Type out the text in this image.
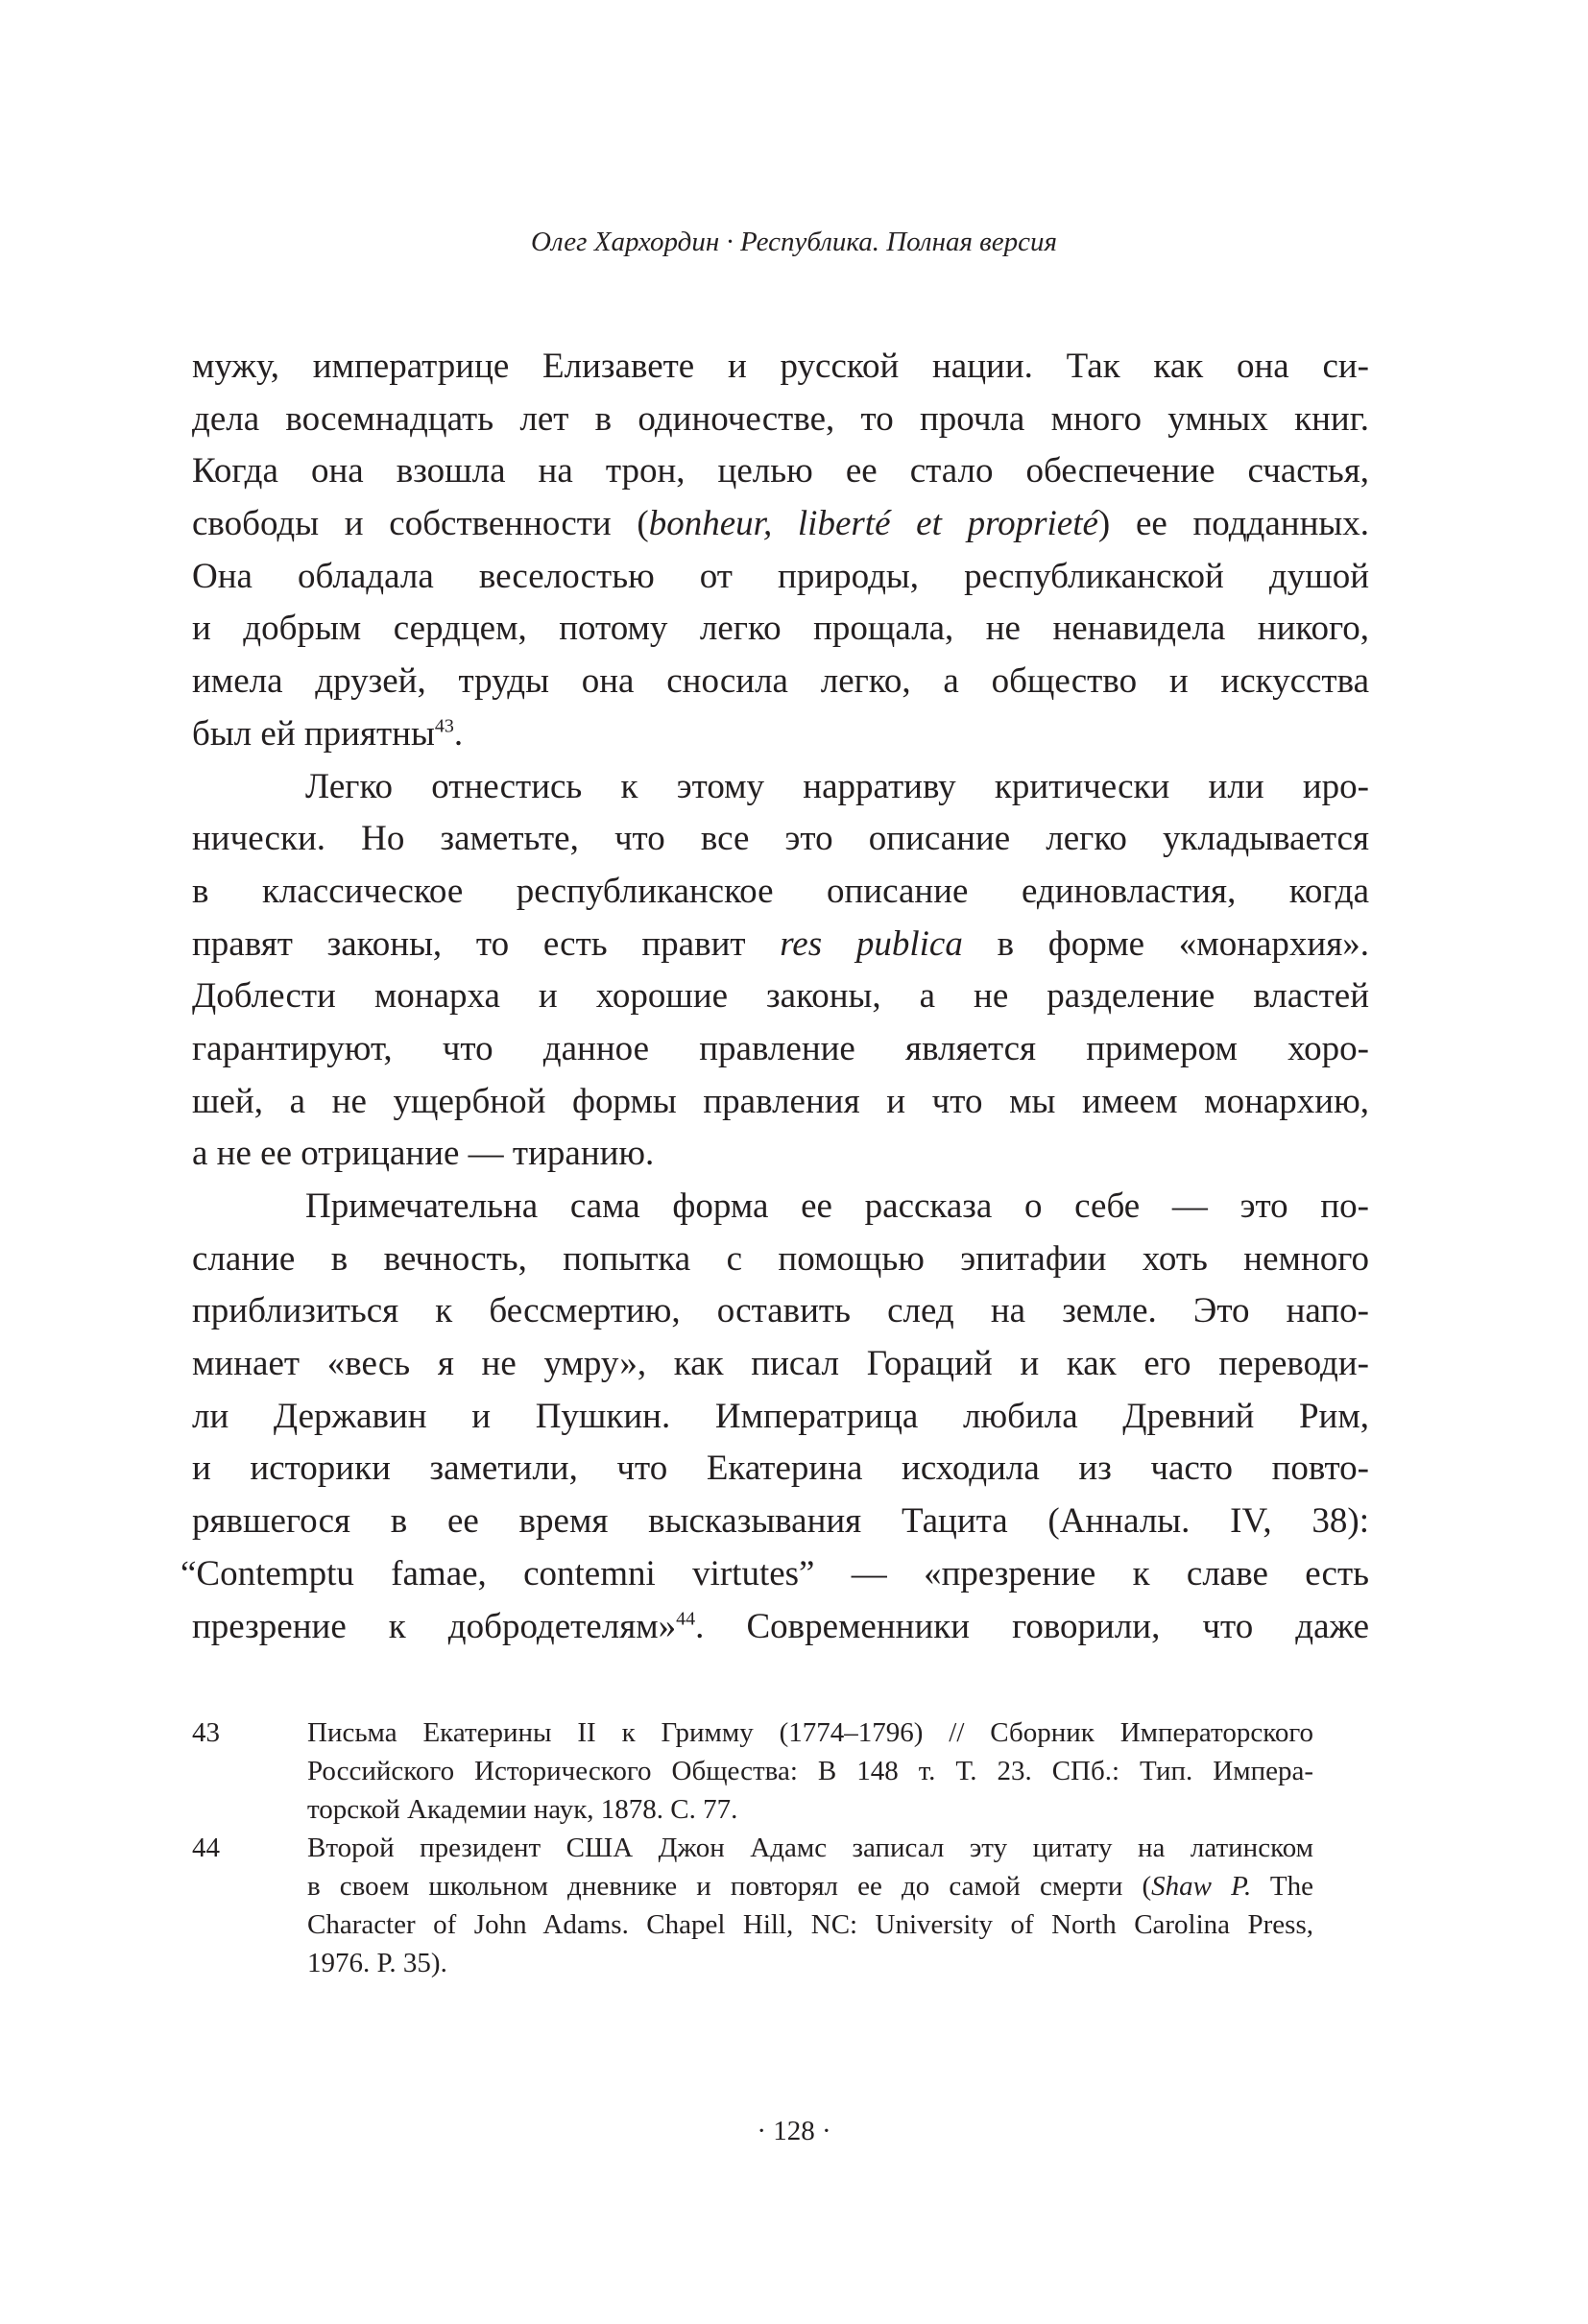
Олег Хархордин · Республика. Полная версия
мужу, императрице Елизавете и русской нации. Так как она си-
дела восемнадцать лет в одиночестве, то прочла много умных книг.
Когда она взошла на трон, целью ее стало обеспечение счастья,
свободы и собственности (bonheur, liberté et proprieté) ее подданных.
Она обладала веселостью от природы, республиканской душой
и добрым сердцем, потому легко прощала, не ненавидела никого,
имела друзей, труды она сносила легко, а общество и искусства
был ей приятны$^{43}$.
Легко отнестись к этому нарративу критически или иро-
нически. Но заметьте, что все это описание легко укладывается
в классическое республиканское описание единовластия, когда
правят законы, то есть правит res publica в форме «монархия».
Доблести монарха и хорошие законы, а не разделение властей
гарантируют, что данное правление является примером хоро-
шей, а не ущербной формы правления и что мы имеем монархию,
а не ее отрицание — тиранию.
Примечательна сама форма ее рассказа о себе — это по-
слание в вечность, попытка с помощью эпитафии хоть немного
приблизиться к бессмертию, оставить след на земле. Это напо-
минает «весь я не умру», как писал Гораций и как его переводи-
ли Державин и Пушкин. Императрица любила Древний Рим,
и историки заметили, что Екатерина исходила из часто повто-
рявшегося в ее время высказывания Тацита (Анналы. IV, 38):
“Contemptu famae, contemni virtutes” — «презрение к славе есть
презрение к добродетелям»$^{44}$. Современники говорили, что даже
43	Письма Екатерины II к Гримму (1774–1796) // Сборник Императорского
Российского Исторического Общества: В 148 т. Т. 23. СПб.: Тип. Импера-
торской Академии наук, 1878. С. 77.
44	Второй президент США Джон Адамс записал эту цитату на латинском
в своем школьном дневнике и повторял ее до самой смерти (Shaw P. The
Character of John Adams. Chapel Hill, NC: University of North Carolina Press,
1976. P. 35).
· 128 ·
